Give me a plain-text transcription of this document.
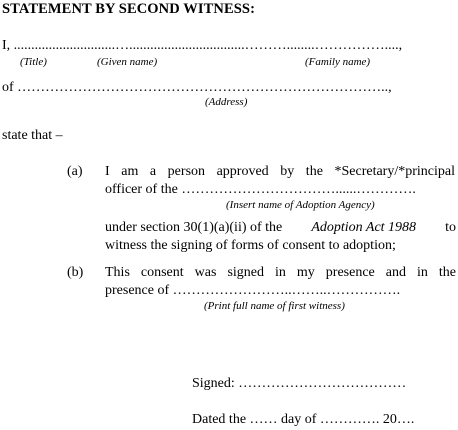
STATEMENT BY SECOND WITNESS:
I, .............................….................................………........……………....,
(Title)	(Given name)	(Family name)
of ……………………………………………………………………..,
(Address)
state that –
(a) I am a person approved by the *Secretary/*principal
officer of the ……………………………......………….
(Insert name of Adoption Agency)
under section 30(1)(a)(ii) of the Adoption Act 1988 to
witness the signing of forms of consent to adoption;
(b) This consent was signed in my presence and in the
presence of ……………………..……..…………….
(Print full name of first witness)
Signed: ………………………………
Dated the …… day of …………. 20….
